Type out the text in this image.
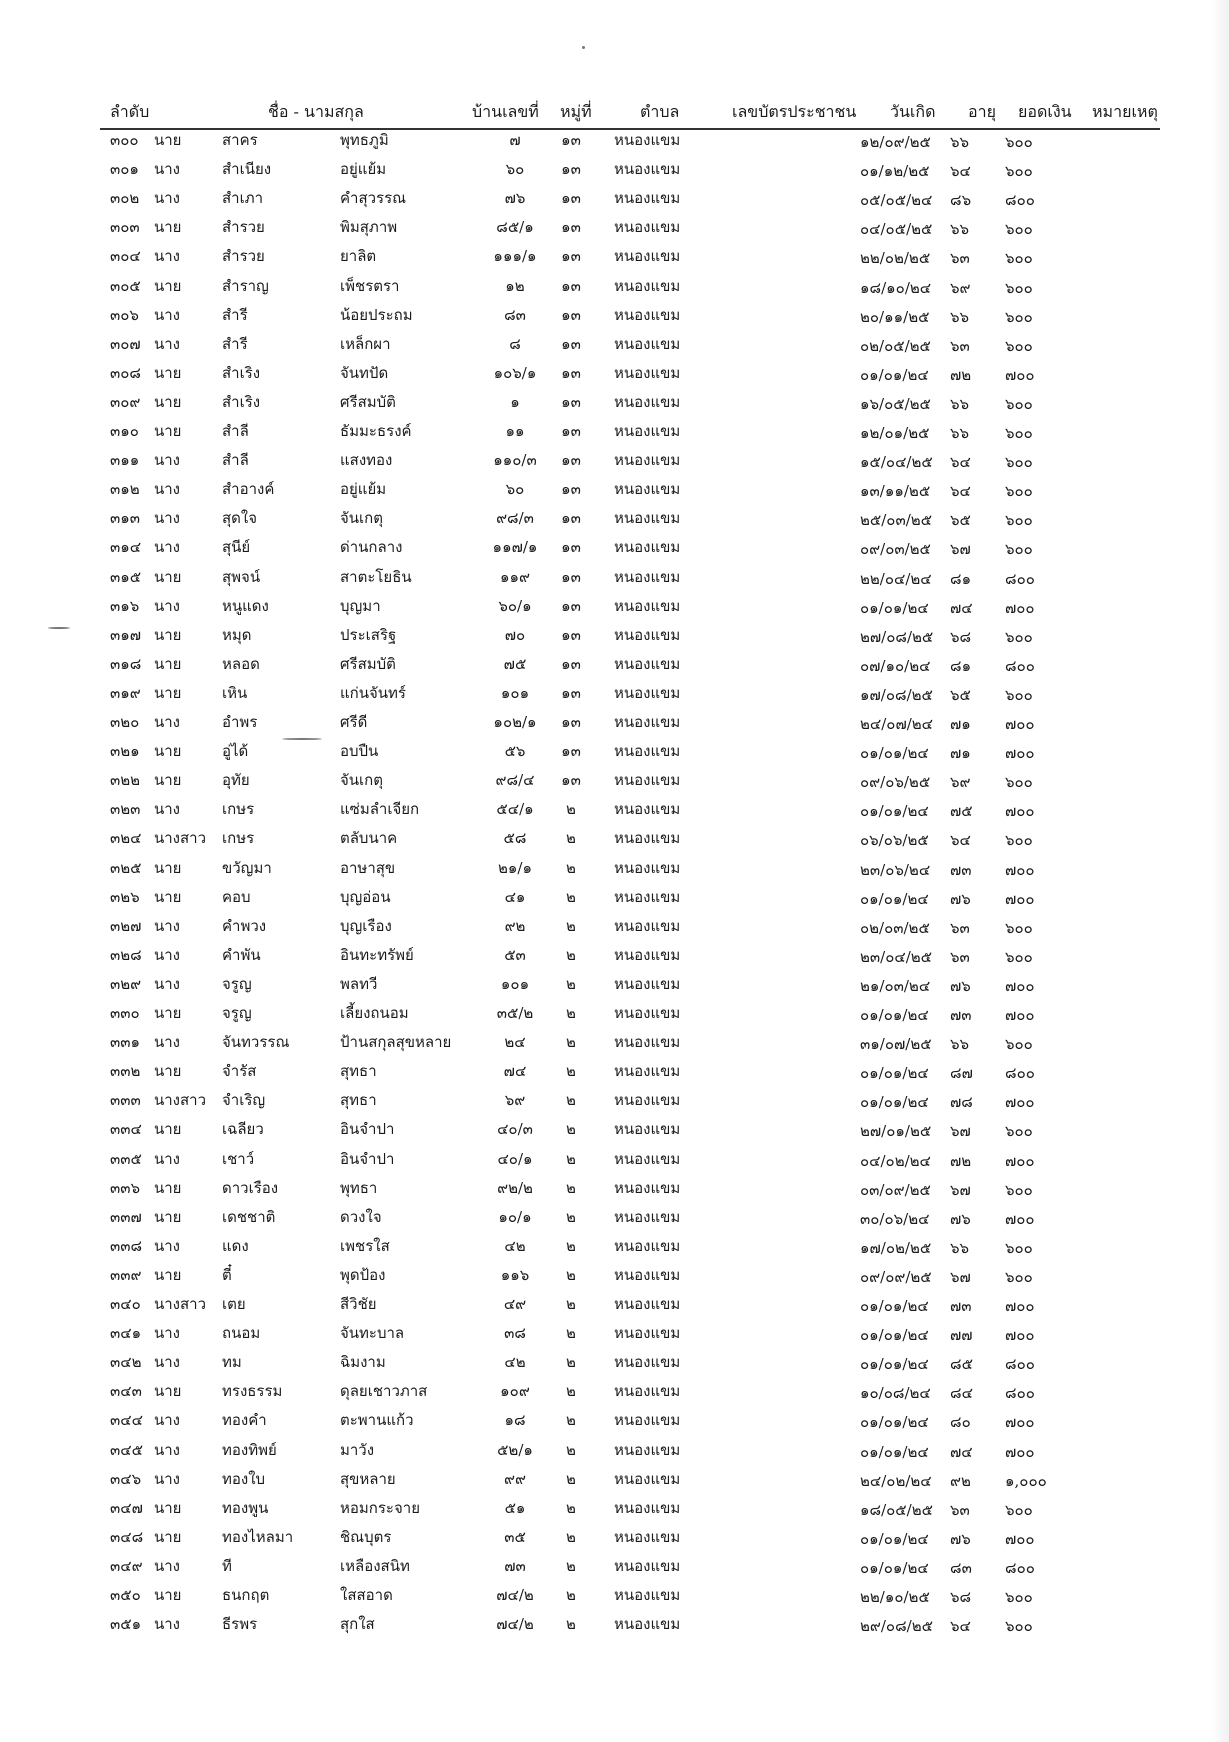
ลำดับ	ชื่อ - นามสกุล	บ้านเลขที่ หมู่ที่	ตำบล	เลขบัตรประชาชน วันเกิด อายุ ยอดเงิน หมายเหตุ
๓๐๐ นาย	สาคร	พุทธภูมิ	๗	๑๓	หนองแขม	๑๒/๐๙/๒๕ ๖๖ ๖๐๐
๓๐๑ นาง	สำเนียง	อยู่แย้ม	๖๐	๑๓	หนองแขม	๐๑/๑๒/๒๕ ๖๔ ๖๐๐
๓๐๒ นาง	สำเภา	คำสุวรรณ	๗๖	๑๓	หนองแขม	๐๕/๐๕/๒๔ ๘๖ ๘๐๐
๓๐๓ นาย	สำรวย	พิมสุภาพ	๘๕/๑	๑๓	หนองแขม	๐๔/๐๕/๒๕ ๖๖ ๖๐๐
๓๐๔ นาง	สำรวย	ยาลิต	๑๑๑/๑	๑๓	หนองแขม	๒๒/๐๒/๒๕ ๖๓ ๖๐๐
๓๐๕ นาย	สำราญ	เพ็ชรตรา	๑๒	๑๓	หนองแขม	๑๘/๑๐/๒๔ ๖๙ ๖๐๐
๓๐๖ นาง	สำรี	น้อยประถม	๘๓	๑๓	หนองแขม	๒๐/๑๑/๒๕ ๖๖ ๖๐๐
๓๐๗ นาง	สำรี	เหล็กผา	๘	๑๓	หนองแขม	๐๒/๐๕/๒๕ ๖๓ ๖๐๐
๓๐๘ นาย	สำเริง	จันทปัด	๑๐๖/๑	๑๓	หนองแขม	๐๑/๐๑/๒๔ ๗๒ ๗๐๐
๓๐๙ นาย	สำเริง	ศรีสมบัติ	๑	๑๓	หนองแขม	๑๖/๐๕/๒๕ ๖๖ ๖๐๐
๓๑๐ นาย	สำลี	ธัมมะธรงค์	๑๑	๑๓	หนองแขม	๑๒/๐๑/๒๕ ๖๖ ๖๐๐
๓๑๑ นาง	สำลี	แสงทอง	๑๑๐/๓	๑๓	หนองแขม	๑๕/๐๔/๒๕ ๖๔ ๖๐๐
๓๑๒ นาง	สำอางค์	อยู่แย้ม	๖๐	๑๓	หนองแขม	๑๓/๑๑/๒๕ ๖๔ ๖๐๐
๓๑๓ นาง	สุดใจ	จันเกตุ	๙๘/๓	๑๓	หนองแขม	๒๕/๐๓/๒๕ ๖๕ ๖๐๐
๓๑๔ นาง	สุนีย์	ด่านกลาง	๑๑๗/๑	๑๓	หนองแขม	๐๙/๐๓/๒๕ ๖๗ ๖๐๐
๓๑๕ นาย	สุพจน์	สาตะโยธิน	๑๑๙	๑๓	หนองแขม	๒๒/๐๔/๒๔ ๘๑ ๘๐๐
๓๑๖ นาง	หนูแดง	บุญมา	๖๐/๑	๑๓	หนองแขม	๐๑/๐๑/๒๔ ๗๔ ๗๐๐
๓๑๗ นาย	หมุด	ประเสริฐ	๗๐	๑๓	หนองแขม	๒๗/๐๘/๒๕ ๖๘ ๖๐๐
๓๑๘ นาย	หลอด	ศรีสมบัติ	๗๕	๑๓	หนองแขม	๐๗/๑๐/๒๔ ๘๑ ๘๐๐
๓๑๙ นาย	เหิน	แก่นจันทร์	๑๐๑	๑๓	หนองแขม	๑๗/๐๘/๒๕ ๖๕ ๖๐๐
๓๒๐ นาง	อำพร	ศรีดี	๑๐๒/๑	๑๓	หนองแขม	๒๔/๐๗/๒๔ ๗๑ ๗๐๐
๓๒๑ นาย	อู่ได้	อบปืน	๕๖	๑๓	หนองแขม	๐๑/๐๑/๒๔ ๗๑ ๗๐๐
๓๒๒ นาย	อุทัย	จันเกตุ	๙๘/๔	๑๓	หนองแขม	๐๙/๐๖/๒๕ ๖๙ ๖๐๐
๓๒๓ นาง	เกษร	แซ่มลำเจียก	๕๔/๑	๒	หนองแขม	๐๑/๐๑/๒๔ ๗๕ ๗๐๐
๓๒๔ นางสาว เกษร	ตลับนาค	๕๘	๒	หนองแขม	๐๖/๐๖/๒๕ ๖๔ ๖๐๐
๓๒๕ นาย	ขวัญมา	อาษาสุข	๒๑/๑	๒	หนองแขม	๒๓/๐๖/๒๔ ๗๓ ๗๐๐
๓๒๖ นาย	คอบ	บุญอ่อน	๔๑	๒	หนองแขม	๐๑/๐๑/๒๔ ๗๖ ๗๐๐
๓๒๗ นาง	คำพวง	บุญเรือง	๙๒	๒	หนองแขม	๐๒/๐๓/๒๕ ๖๓ ๖๐๐
๓๒๘ นาง	คำพัน	อินทะทรัพย์	๕๓	๒	หนองแขม	๒๓/๐๔/๒๕ ๖๓ ๖๐๐
๓๒๙ นาง	จรูญ	พลทวี	๑๐๑	๒	หนองแขม	๒๑/๐๓/๒๔ ๗๖ ๗๐๐
๓๓๐ นาย	จรูญ	เลี้ยงถนอม	๓๕/๒	๒	หนองแขม	๐๑/๐๑/๒๔ ๗๓ ๗๐๐
๓๓๑ นาง	จันทวรรณ	ป้านสกุลสุขหลาย	๒๔	๒	หนองแขม	๓๑/๐๗/๒๕ ๖๖ ๖๐๐
๓๓๒ นาย	จำรัส	สุทธา	๗๔	๒	หนองแขม	๐๑/๐๑/๒๔ ๘๗ ๘๐๐
๓๓๓ นางสาว จำเริญ	สุทธา	๖๙	๒	หนองแขม	๐๑/๐๑/๒๔ ๗๘ ๗๐๐
๓๓๔ นาย	เฉลียว	อินจำปา	๔๐/๓	๒	หนองแขม	๒๗/๐๑/๒๕ ๖๗ ๖๐๐
๓๓๕ นาง	เชาว์	อินจำปา	๔๐/๑	๒	หนองแขม	๐๔/๐๒/๒๔ ๗๒ ๗๐๐
๓๓๖ นาย	ดาวเรือง	พุทธา	๙๒/๒	๒	หนองแขม	๐๓/๐๙/๒๕ ๖๗ ๖๐๐
๓๓๗ นาย	เดชชาติ	ดวงใจ	๑๐/๑	๒	หนองแขม	๓๐/๐๖/๒๔ ๗๖ ๗๐๐
๓๓๘ นาง	แดง	เพชรใส	๔๒	๒	หนองแขม	๑๗/๐๒/๒๕ ๖๖ ๖๐๐
๓๓๙ นาย	ตี๋	พุดป้อง	๑๑๖	๒	หนองแขม	๐๙/๐๙/๒๕ ๖๗ ๖๐๐
๓๔๐ นางสาว เตย	สีวิชัย	๔๙	๒	หนองแขม	๐๑/๐๑/๒๔ ๗๓ ๗๐๐
๓๔๑ นาง	ถนอม	จันทะบาล	๓๘	๒	หนองแขม	๐๑/๐๑/๒๔ ๗๗ ๗๐๐
๓๔๒ นาง	ทม	ฉิมงาม	๔๒	๒	หนองแขม	๐๑/๐๑/๒๔ ๘๕ ๘๐๐
๓๔๓ นาย	ทรงธรรม	ดุลยเชาวภาส	๑๐๙	๒	หนองแขม	๑๐/๐๘/๒๔ ๘๔ ๘๐๐
๓๔๔ นาง	ทองคำ	ตะพานแก้ว	๑๘	๒	หนองแขม	๐๑/๐๑/๒๔ ๘๐ ๗๐๐
๓๔๕ นาง	ทองทิพย์	มาวัง	๕๒/๑	๒	หนองแขม	๐๑/๐๑/๒๔ ๗๔ ๗๐๐
๓๔๖ นาง	ทองใบ	สุขหลาย	๙๙	๒	หนองแขม	๒๔/๐๒/๒๔ ๙๒ ๑,๐๐๐
๓๔๗ นาย	ทองพูน	หอมกระจาย	๕๑	๒	หนองแขม	๑๘/๐๕/๒๕ ๖๓ ๖๐๐
๓๔๘ นาย	ทองไหลมา	ชิณบุตร	๓๕	๒	หนองแขม	๐๑/๐๑/๒๔ ๗๖ ๗๐๐
๓๔๙ นาง	ที	เหลืองสนิท	๗๓	๒	หนองแขม	๐๑/๐๑/๒๔ ๘๓ ๘๐๐
๓๕๐ นาย	ธนกฤต	ใสสอาด	๗๔/๒	๒	หนองแขม	๒๒/๑๐/๒๕ ๖๘ ๖๐๐
๓๕๑ นาง	ธีรพร	สุกใส	๗๔/๒	๒	หนองแขม	๒๙/๐๘/๒๕ ๖๔ ๖๐๐
